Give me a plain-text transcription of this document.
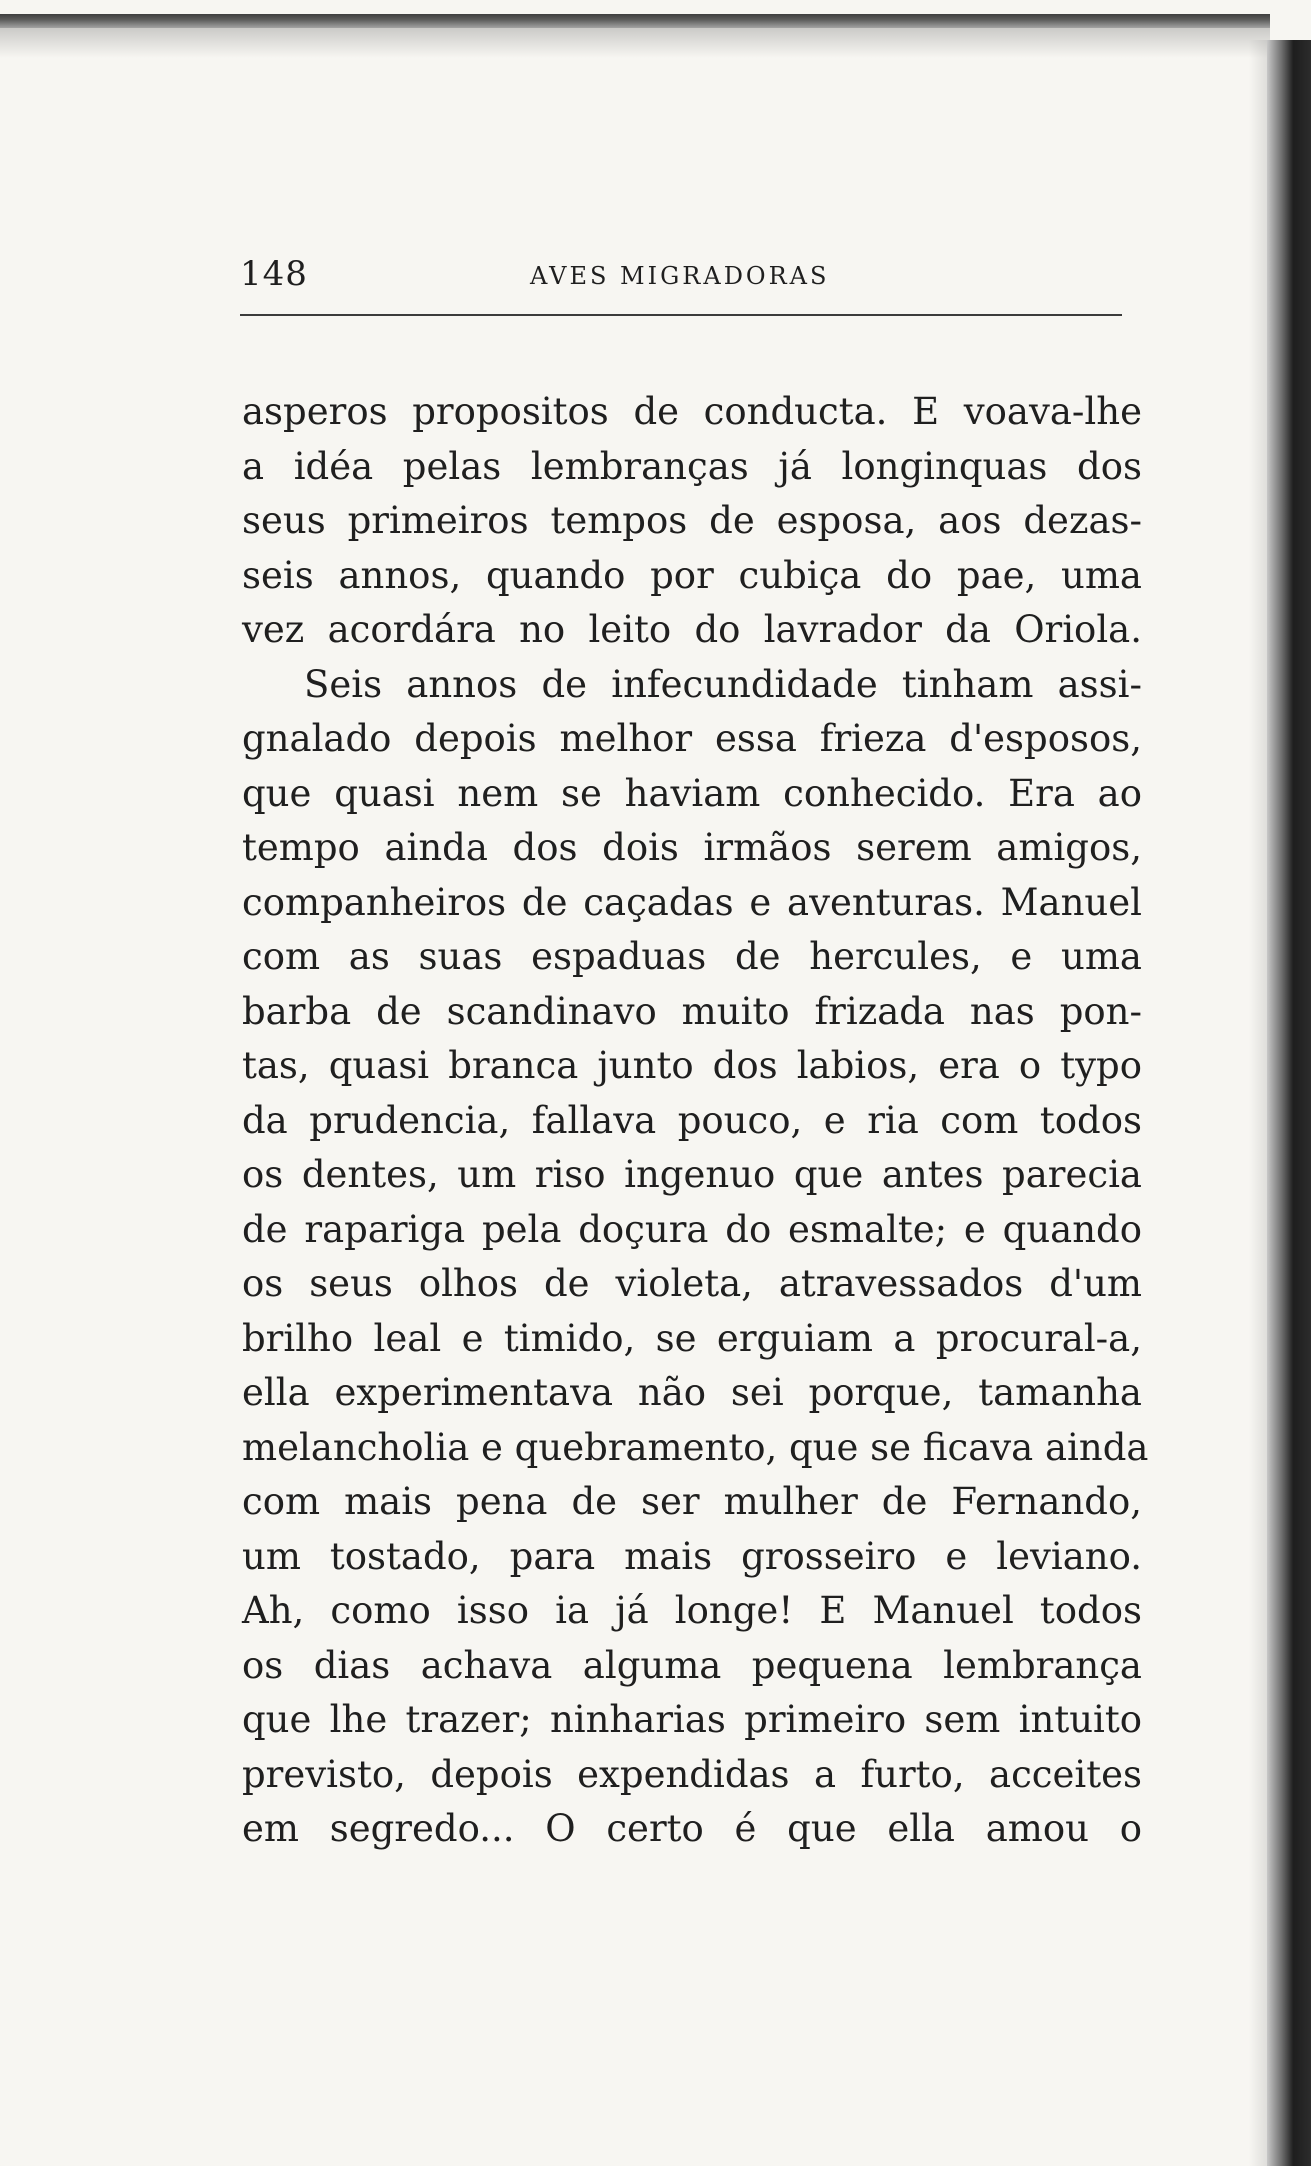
148	AVES MIGRADORAS
asperos propositos de conducta. E voava-lhe
a idéa pelas lembranças já longinquas dos
seus primeiros tempos de esposa, aos dezas-
seis annos, quando por cubiça do pae, uma
vez acordára no leito do lavrador da Oriola.
Seis annos de infecundidade tinham assi-
gnalado depois melhor essa frieza d'esposos,
que quasi nem se haviam conhecido. Era ao
tempo ainda dos dois irmãos serem amigos,
companheiros de caçadas e aventuras. Manuel
com as suas espaduas de hercules, e uma
barba de scandinavo muito frizada nas pon-
tas, quasi branca junto dos labios, era o typo
da prudencia, fallava pouco, e ria com todos
os dentes, um riso ingenuo que antes parecia
de rapariga pela doçura do esmalte; e quando
os seus olhos de violeta, atravessados d'um
brilho leal e timido, se erguiam a procural-a,
ella experimentava não sei porque, tamanha
melancholia e quebramento, que se ficava ainda
com mais pena de ser mulher de Fernando,
um tostado, para mais grosseiro e leviano.
Ah, como isso ia já longe! E Manuel todos
os dias achava alguma pequena lembrança
que lhe trazer; ninharias primeiro sem intuito
previsto, depois expendidas a furto, acceites
em segredo... O certo é que ella amou o
